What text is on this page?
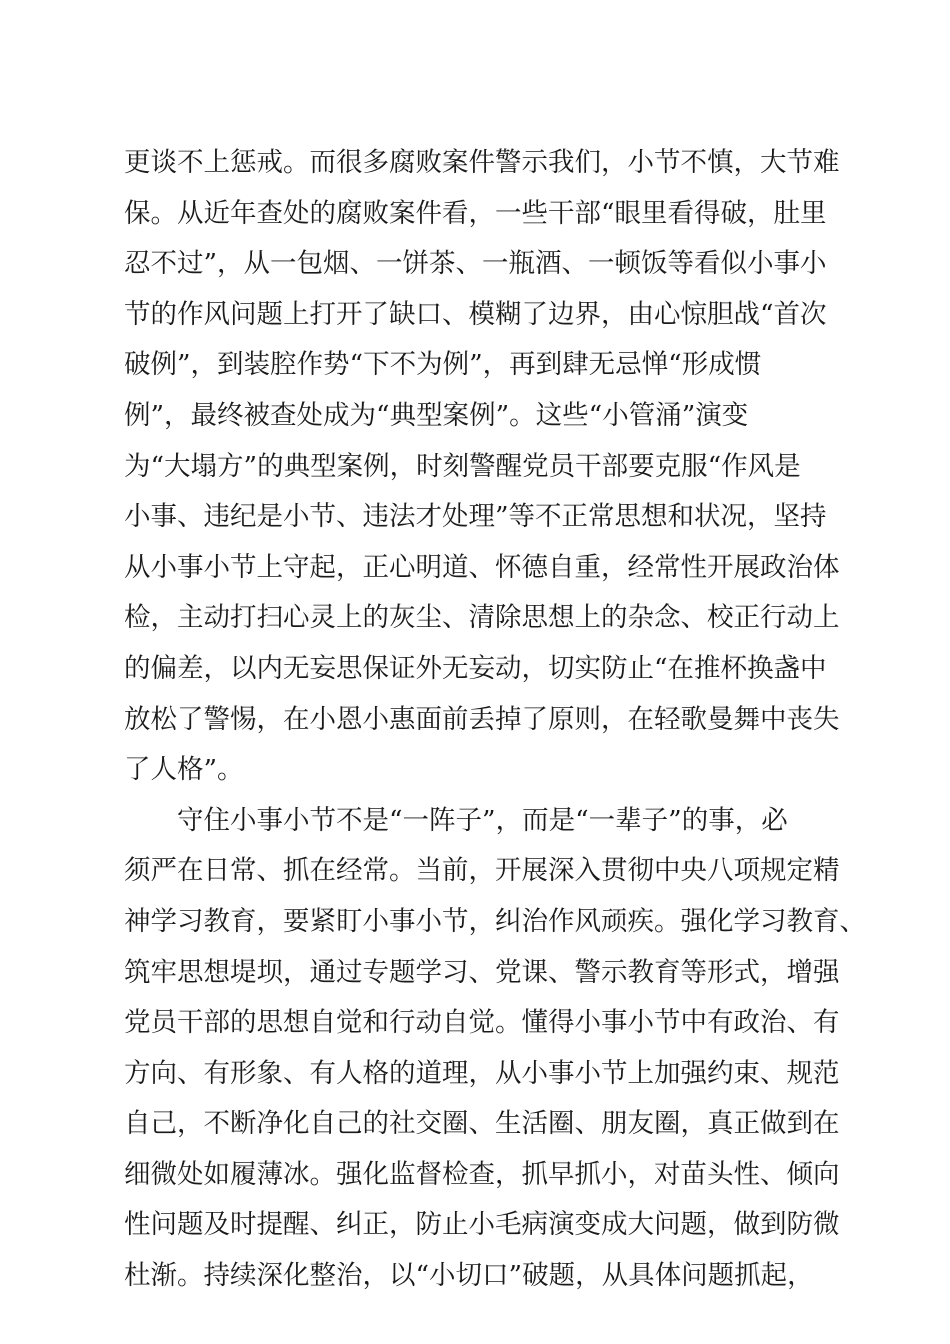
更谈不上惩戒。而很多腐败案件警示我们，小节不慎，大节难
保。从近年查处的腐败案件看，一些干部“眼里看得破，肚里
忍不过”，从一包烟、一饼茶、一瓶酒、一顿饭等看似小事小
节的作风问题上打开了缺口、模糊了边界，由心惊胆战“首次
破例”，到装腔作势“下不为例”，再到肆无忌惮“形成惯
例”，最终被查处成为“典型案例”。这些“小管涌”演变
为“大塌方”的典型案例，时刻警醒党员干部要克服“作风是
小事、违纪是小节、违法才处理”等不正常思想和状况，坚持
从小事小节上守起，正心明道、怀德自重，经常性开展政治体
检，主动打扫心灵上的灰尘、清除思想上的杂念、校正行动上
的偏差，以内无妄思保证外无妄动，切实防止“在推杯换盏中
放松了警惕，在小恩小惠面前丢掉了原则，在轻歌曼舞中丧失
了人格”。
守住小事小节不是“一阵子”，而是“一辈子”的事，必
须严在日常、抓在经常。当前，开展深入贯彻中央八项规定精
神学习教育，要紧盯小事小节，纠治作风顽疾。强化学习教育、
筑牢思想堤坝，通过专题学习、党课、警示教育等形式，增强
党员干部的思想自觉和行动自觉。懂得小事小节中有政治、有
方向、有形象、有人格的道理，从小事小节上加强约束、规范
自己，不断净化自己的社交圈、生活圈、朋友圈，真正做到在
细微处如履薄冰。强化监督检查，抓早抓小，对苗头性、倾向
性问题及时提醒、纠正，防止小毛病演变成大问题，做到防微
杜渐。持续深化整治，以“小切口”破题，从具体问题抓起，
